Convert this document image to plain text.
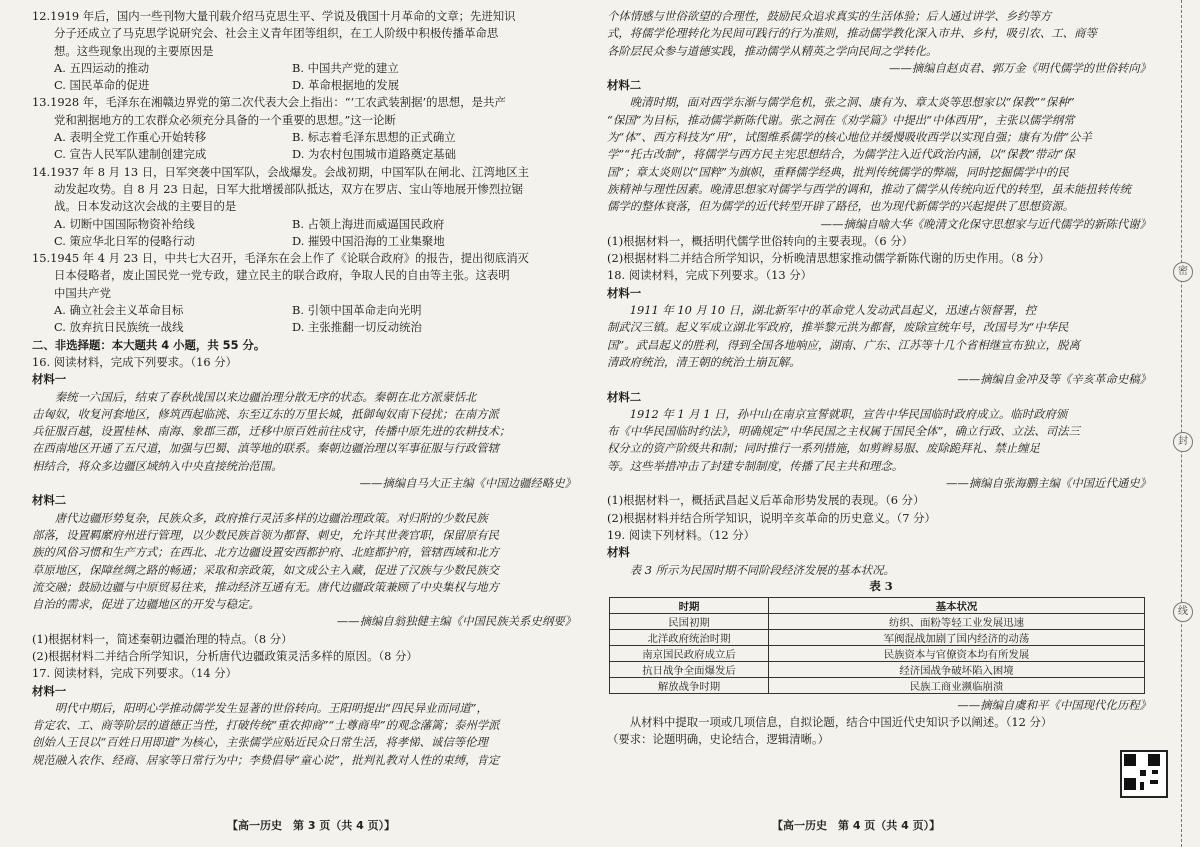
12.1919 年后，国内一些刊物大量刊载介绍马克思生平、学说及俄国十月革命的文章；先进知识
分子还成立了马克思学说研究会、社会主义青年团等组织，在工人阶级中积极传播革命思
想。这些现象出现的主要原因是
A. 五四运动的推动	B. 中国共产党的建立
C. 国民革命的促进	D. 革命根据地的发展
13.1928 年，毛泽东在湘赣边界党的第二次代表大会上指出：“‘工农武装割据’的思想，是共产
党和割据地方的工农群众必须充分具备的一个重要的思想。”这一论断
A. 表明全党工作重心开始转移	B. 标志着毛泽东思想的正式确立
C. 宣告人民军队建制创建完成	D. 为农村包围城市道路奠定基础
14.1937 年 8 月 13 日，日军突袭中国军队，会战爆发。会战初期，中国军队在闸北、江湾地区主
动发起攻势。自 8 月 23 日起，日军大批增援部队抵达，双方在罗店、宝山等地展开惨烈拉锯
战。日本发动这次会战的主要目的是
A. 切断中国国际物资补给线	B. 占领上海进而威逼国民政府
C. 策应华北日军的侵略行动	D. 摧毁中国沿海的工业集聚地
15.1945 年 4 月 23 日，中共七大召开，毛泽东在会上作了《论联合政府》的报告，提出彻底消灭
日本侵略者，废止国民党一党专政，建立民主的联合政府，争取人民的自由等主张。这表明
中国共产党
A. 确立社会主义革命目标	B. 引领中国革命走向光明
C. 放弃抗日民族统一战线	D. 主张推翻一切反动统治
二、非选择题：本大题共 4 小题，共 55 分。
16. 阅读材料，完成下列要求。（16 分）
材料一
　　秦统一六国后，结束了春秋战国以来边疆治理分散无序的状态。秦朝在北方派蒙恬北
击匈奴，收复河套地区，修筑西起临洮、东至辽东的万里长城，抵御匈奴南下侵扰；在南方派
兵征服百越，设置桂林、南海、象郡三郡，迁移中原百姓前往戍守，传播中原先进的农耕技术；
在西南地区开通了五尺道，加强与巴蜀、滇等地的联系。秦朝边疆治理以军事征服与行政管辖
相结合，将众多边疆区域纳入中央直接统治范围。
——摘编自马大正主编《中国边疆经略史》
材料二
　　唐代边疆形势复杂，民族众多，政府推行灵活多样的边疆治理政策。对归附的少数民族
部落，设置羁縻府州进行管理，以少数民族首领为都督、刺史，允许其世袭官职，保留原有民
族的风俗习惯和生产方式；在西北、北方边疆设置安西都护府、北庭都护府，管辖西域和北方
草原地区，保障丝绸之路的畅通；采取和亲政策，如文成公主入藏，促进了汉族与少数民族交
流交融；鼓励边疆与中原贸易往来，推动经济互通有无。唐代边疆政策兼顾了中央集权与地方
自治的需求，促进了边疆地区的开发与稳定。
——摘编自翁独健主编《中国民族关系史纲要》
(1)根据材料一，简述秦朝边疆治理的特点。（8 分）
(2)根据材料二并结合所学知识，分析唐代边疆政策灵活多样的原因。（8 分）
17. 阅读材料，完成下列要求。（14 分）
材料一
　　明代中期后，阳明心学推动儒学发生显著的世俗转向。王阳明提出“四民异业而同道”，
肯定农、工、商等阶层的道德正当性，打破传统“重农抑商”“士尊商卑”的观念藩篱；泰州学派
创始人王艮以“百姓日用即道”为核心，主张儒学应贴近民众日常生活，将孝悌、诚信等伦理
规范融入农作、经商、居家等日常行为中；李贽倡导“童心说”，批判礼教对人性的束缚，肯定
【高一历史　第 3 页（共 4 页）】
个体情感与世俗欲望的合理性，鼓励民众追求真实的生活体验；后人通过讲学、乡约等方
式，将儒学伦理转化为民间可践行的行为准则，推动儒学教化深入市井、乡村，吸引农、工、商等
各阶层民众参与道德实践，推动儒学从精英之学向民间之学转化。
——摘编自赵贞君、郭万金《明代儒学的世俗转向》
材料二
　　晚清时期，面对西学东渐与儒学危机，张之洞、康有为、章太炎等思想家以“保教”“保种”
“保国”为目标，推动儒学新陈代谢。张之洞在《劝学篇》中提出“中体西用”，主张以儒学纲常
为“体”、西方科技为“用”，试图维系儒学的核心地位并缓慢吸收西学以实现自强；康有为借“公羊
学”“托古改制”，将儒学与西方民主宪思想结合，为儒学注入近代政治内涵，以“保教”带动“保
国”；章太炎则以“国粹”为旗帜，重释儒学经典，批判传统儒学的弊端，同时挖掘儒学中的民
族精神与理性因素。晚清思想家对儒学与西学的调和，推动了儒学从传统向近代的转型，虽未能扭转传统
儒学的整体衰落，但为儒学的近代转型开辟了路径，也为现代新儒学的兴起提供了思想资源。
——摘编自喻大华《晚清文化保守思想家与近代儒学的新陈代谢》
(1)根据材料一，概括明代儒学世俗转向的主要表现。（6 分）
(2)根据材料二并结合所学知识，分析晚清思想家推动儒学新陈代谢的历史作用。（8 分）
18. 阅读材料，完成下列要求。（13 分）
材料一
　　1911 年 10 月 10 日，湖北新军中的革命党人发动武昌起义，迅速占领督署，控
制武汉三镇。起义军成立湖北军政府，推举黎元洪为都督，废除宣统年号，改国号为“中华民
国”。武昌起义的胜利，得到全国各地响应，湖南、广东、江苏等十几个省相继宣布独立，脱离
清政府统治，清王朝的统治土崩瓦解。
——摘编自金冲及等《辛亥革命史稿》
材料二
　　1912 年 1 月 1 日，孙中山在南京宣誓就职，宣告中华民国临时政府成立。临时政府颁
布《中华民国临时约法》，明确规定“中华民国之主权属于国民全体”，确立行政、立法、司法三
权分立的资产阶级共和制；同时推行一系列措施，如剪辫易服、废除跪拜礼、禁止缠足
等。这些举措冲击了封建专制制度，传播了民主共和理念。
——摘编自张海鹏主编《中国近代通史》
(1)根据材料一，概括武昌起义后革命形势发展的表现。（6 分）
(2)根据材料并结合所学知识，说明辛亥革命的历史意义。（7 分）
19. 阅读下列材料。（12 分）
材料
　　表 3 所示为民国时期不同阶段经济发展的基本状况。
表 3
时期	基本状况
民国初期	纺织、面粉等轻工业发展迅速
北洋政府统治时期	军阀混战加剧了国内经济的动荡
南京国民政府成立后	民族资本与官僚资本均有所发展
抗日战争全面爆发后	经济国战争破坏陷入困境
解放战争时期	民族工商业濒临崩溃
——摘编自虞和平《中国现代化历程》
　　从材料中提取一项或几项信息，自拟论题，结合中国近代史知识予以阐述。（12 分）
（要求：论题明确，史论结合，逻辑清晰。）
【高一历史　第 4 页（共 4 页）】
密
封
线
